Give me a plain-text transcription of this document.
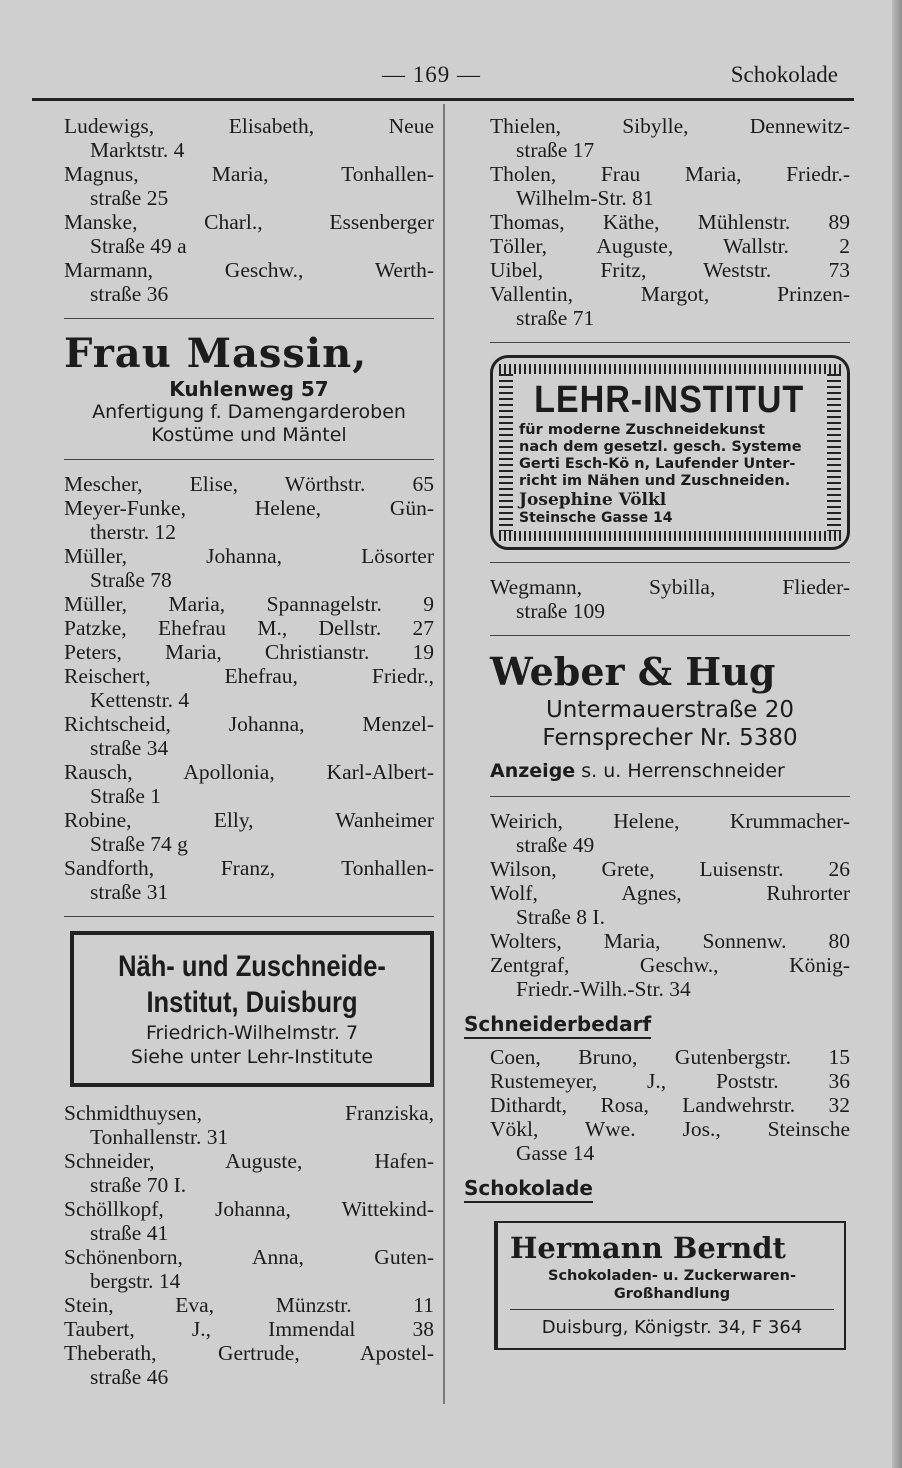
— 169 —	Schokolade
Ludewigs, Elisabeth, Neue
Marktstr. 4
Magnus, Maria, Tonhallen-
straße 25
Manske, Charl., Essenberger
Straße 49 a
Marmann, Geschw., Werth-
straße 36
Frau Massin,
Kuhlenweg 57
Anfertigung f. Damengarderoben
Kostüme und Mäntel
Mescher, Elise, Wörthstr. 65
Meyer-Funke, Helene, Gün-
therstr. 12
Müller, Johanna, Lösorter
Straße 78
Müller, Maria, Spannagelstr. 9
Patzke, Ehefrau M., Dellstr. 27
Peters, Maria, Christianstr. 19
Reischert, Ehefrau, Friedr.,
Kettenstr. 4
Richtscheid, Johanna, Menzel-
straße 34
Rausch, Apollonia, Karl-Albert-
Straße 1
Robine, Elly, Wanheimer
Straße 74 g
Sandforth, Franz, Tonhallen-
straße 31
Näh- und Zuschneide-
Institut, Duisburg
Friedrich-Wilhelmstr. 7
Siehe unter Lehr-Institute
Schmidthuysen, Franziska,
Tonhallenstr. 31
Schneider, Auguste, Hafen-
straße 70 I.
Schöllkopf, Johanna, Wittekind-
straße 41
Schönenborn, Anna, Guten-
bergstr. 14
Stein, Eva, Münzstr. 11
Taubert, J., Immendal 38
Theberath, Gertrude, Apostel-
straße 46
Thielen, Sibylle, Dennewitz-
straße 17
Tholen, Frau Maria, Friedr.-
Wilhelm-Str. 81
Thomas, Käthe, Mühlenstr. 89
Töller, Auguste, Wallstr. 2
Uibel, Fritz, Weststr. 73
Vallentin, Margot, Prinzen-
straße 71
LEHR-INSTITUT
für moderne Zuschneidekunst
nach dem gesetzl. gesch. Systeme
Gerti Esch-Kö n, Laufender Unter-
richt im Nähen und Zuschneiden.
Josephine Völkl
Steinsche Gasse 14
Wegmann, Sybilla, Flieder-
straße 109
Weber & Hug
Untermauerstraße 20
Fernsprecher Nr. 5380
Anzeige s. u. Herrenschneider
Weirich, Helene, Krummacher-
straße 49
Wilson, Grete, Luisenstr. 26
Wolf, Agnes, Ruhrorter
Straße 8 I.
Wolters, Maria, Sonnenw. 80
Zentgraf, Geschw., König-
Friedr.-Wilh.-Str. 34
Schneiderbedarf
Coen, Bruno, Gutenbergstr. 15
Rustemeyer, J., Poststr. 36
Dithardt, Rosa, Landwehrstr. 32
Vökl, Wwe. Jos., Steinsche
Gasse 14
Schokolade
Hermann Berndt
Schokoladen- u. Zuckerwaren-
Großhandlung
Duisburg, Königstr. 34, F 364
